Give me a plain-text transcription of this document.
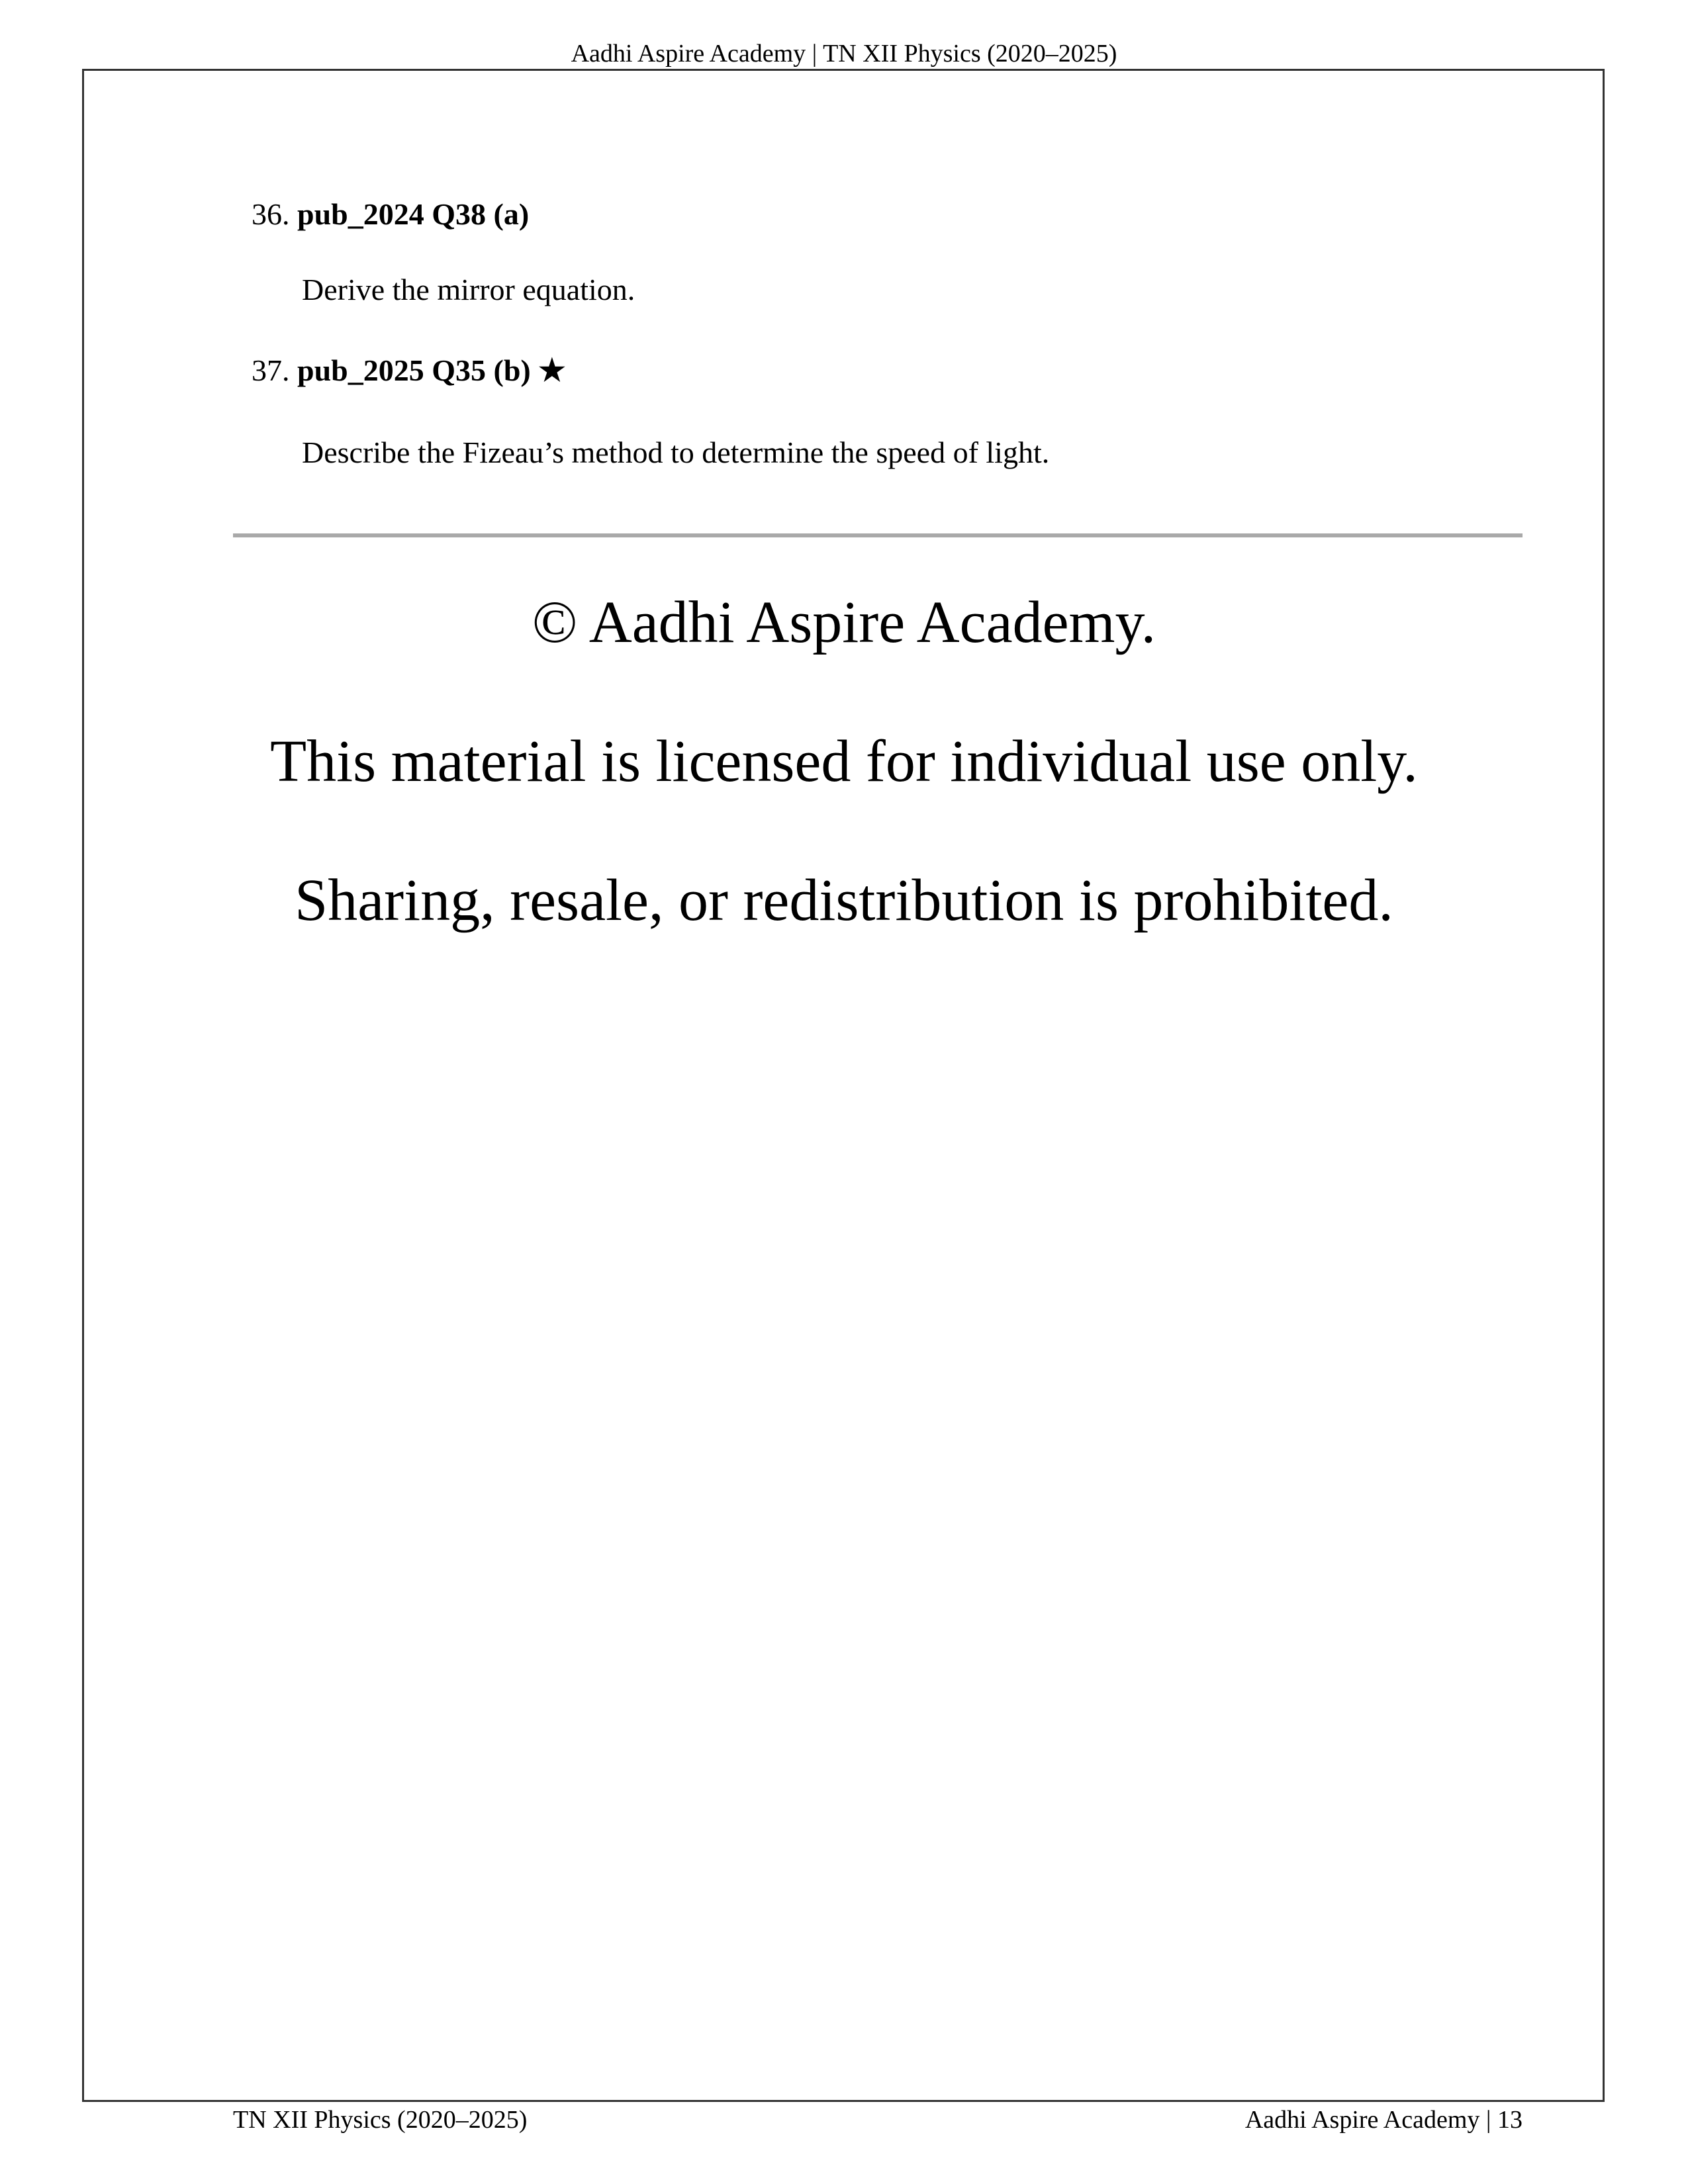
Aadhi Aspire Academy | TN XII Physics (2020–2025)
36. pub_2024 Q38 (a)
Derive the mirror equation.
37. pub_2025 Q35 (b) ★
Describe the Fizeau’s method to determine the speed of light.
© Aadhi Aspire Academy.
This material is licensed for individual use only.
Sharing, resale, or redistribution is prohibited.
TN XII Physics (2020–2025)	Aadhi Aspire Academy | 13
